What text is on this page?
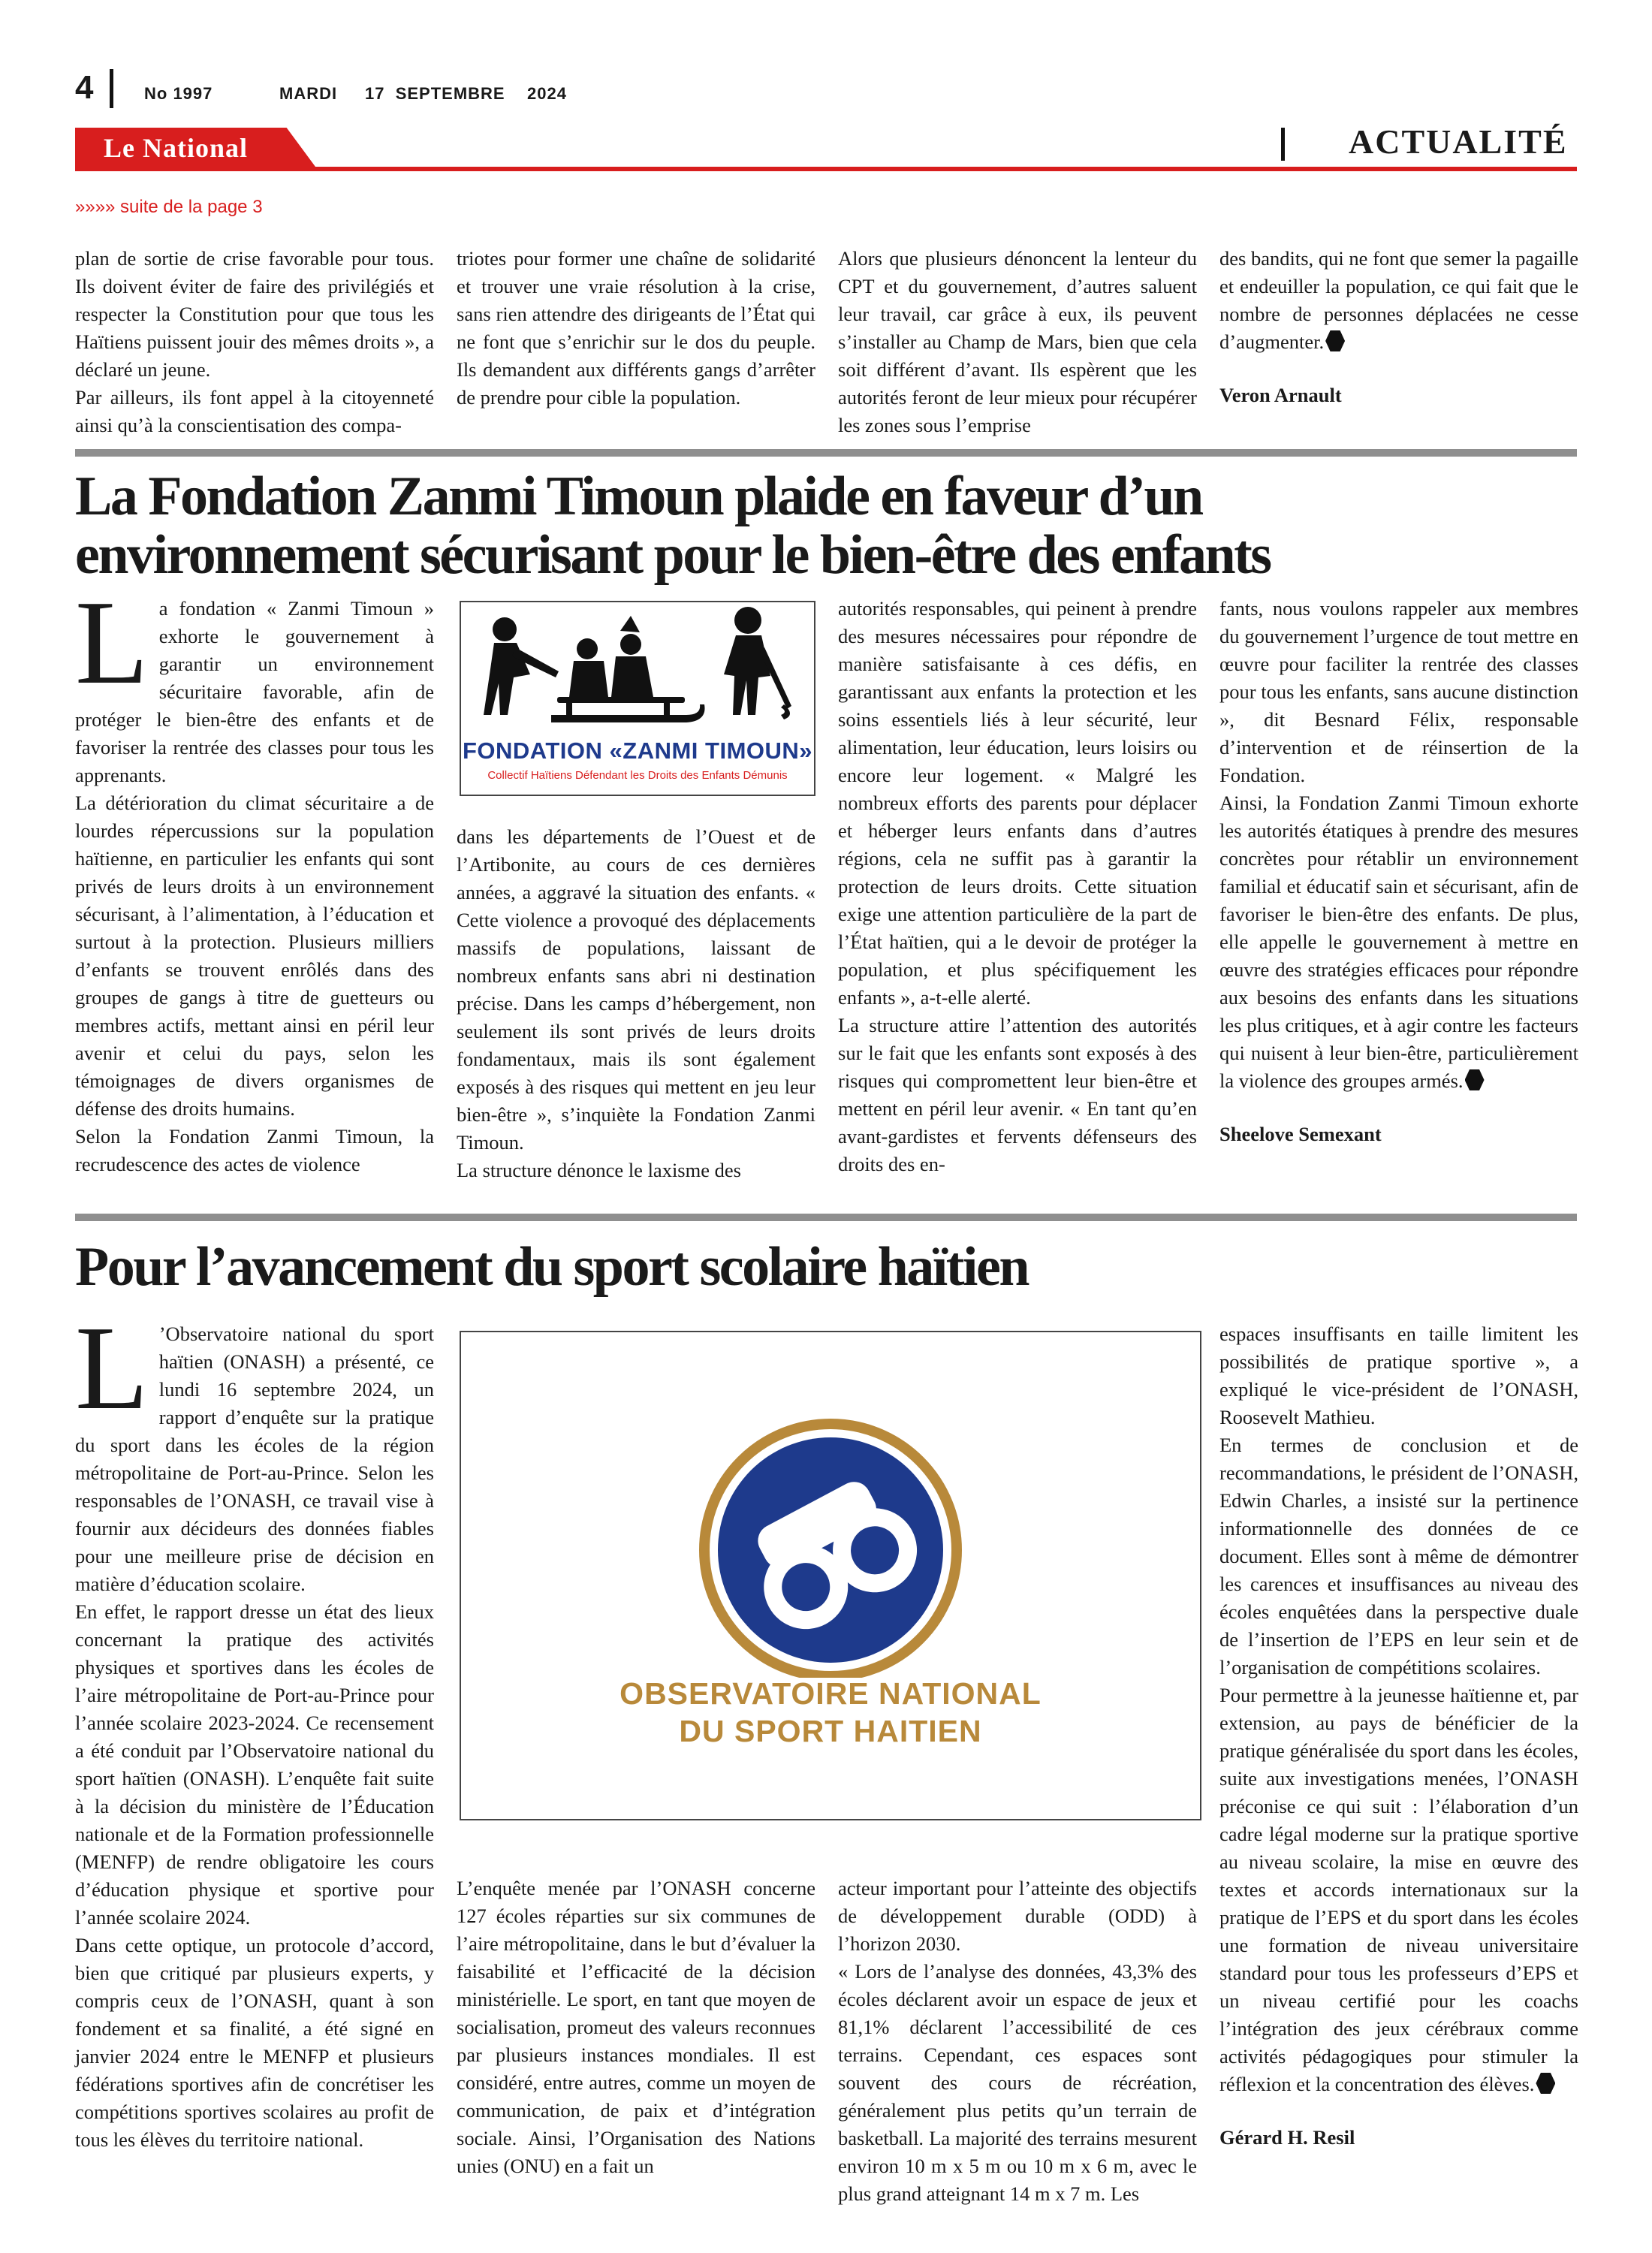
4	No 1997	MARDI 17  SEPTEMBRE 2024
Le National	ACTUALITÉ
»»»» suite de la page 3

plan de sortie de crise favorable pour tous. Ils doivent éviter de faire des privilégiés et respecter la Constitution pour que tous les Haïtiens puissent jouir des mêmes droits », a déclaré un jeune.

Par ailleurs, ils font appel à la citoyenneté ainsi qu’à la conscientisation des compa-

triotes pour former une chaîne de solidarité et trouver une vraie résolution à la crise, sans rien attendre des dirigeants de l’État qui ne font que s’enrichir sur le dos du peuple. Ils demandent aux différents gangs d’arrêter de prendre pour cible la population.

Alors que plusieurs dénoncent la lenteur du CPT et du gouvernement, d’autres saluent leur travail, car grâce à eux, ils peuvent s’installer au Champ de Mars, bien que cela soit différent d’avant. Ils espèrent que les autorités feront de leur mieux pour récupérer les zones sous l’emprise

des bandits, qui ne font que semer la pagaille et endeuiller la population, ce qui fait que le nombre de personnes déplacées ne cesse d’augmenter.

Veron Arnault

La Fondation Zanmi Timoun plaide en faveur d’un
environnement sécurisant pour le bien-être des enfants

La fondation « Zanmi Timoun » exhorte le gouvernement à garantir un environnement sécuritaire favorable, afin de protéger le bien-être des enfants et de favoriser la rentrée des classes pour tous les apprenants.

La détérioration du climat sécuritaire a de lourdes répercussions sur la population haïtienne, en particulier les enfants qui sont privés de leurs droits à un environnement sécurisant, à l’alimentation, à l’éducation et surtout à la protection. Plusieurs milliers d’enfants se trouvent enrôlés dans des groupes de gangs à titre de guetteurs ou membres actifs, mettant ainsi en péril leur avenir et celui du pays, selon les témoignages de divers organismes de défense des droits humains.

Selon la Fondation Zanmi Timoun, la recrudescence des actes de violence

FONDATION «ZANMI TIMOUN»
Collectif Haïtiens Défendant les Droits des Enfants Démunis

dans les départements de l’Ouest et de l’Artibonite, au cours de ces dernières années, a aggravé la situation des enfants. « Cette violence a provoqué des déplacements massifs de populations, laissant de nombreux enfants sans abri ni destination précise. Dans les camps d’hébergement, non seulement ils sont privés de leurs droits fondamentaux, mais ils sont également exposés à des risques qui mettent en jeu leur bien-être », s’inquiète la Fondation Zanmi Timoun.

La structure dénonce le laxisme des

autorités responsables, qui peinent à prendre des mesures nécessaires pour répondre de manière satisfaisante à ces défis, en garantissant aux enfants la protection et les soins essentiels liés à leur sécurité, leur alimentation, leur éducation, leurs loisirs ou encore leur logement. « Malgré les nombreux efforts des parents pour déplacer et héberger leurs enfants dans d’autres régions, cela ne suffit pas à garantir la protection de leurs droits. Cette situation exige une attention particulière de la part de l’État haïtien, qui a le devoir de protéger la population, et plus spécifiquement les enfants », a-t-elle alerté.

La structure attire l’attention des autorités sur le fait que les enfants sont exposés à des risques qui compromettent leur bien-être et mettent en péril leur avenir. « En tant qu’en avant-gardistes et fervents défenseurs des droits des en-

fants, nous voulons rappeler aux membres du gouvernement l’urgence de tout mettre en œuvre pour faciliter la rentrée des classes pour tous les enfants, sans aucune distinction », dit Besnard Félix, responsable d’intervention et de réinsertion de la Fondation.

Ainsi, la Fondation Zanmi Timoun exhorte les autorités étatiques à prendre des mesures concrètes pour rétablir un environnement familial et éducatif sain et sécurisant, afin de favoriser le bien-être des enfants. De plus, elle appelle le gouvernement à mettre en œuvre des stratégies efficaces pour répondre aux besoins des enfants dans les situations les plus critiques, et à agir contre les facteurs qui nuisent à leur bien-être, particulièrement la violence des groupes armés.

Sheelove Semexant

Pour l’avancement du sport scolaire haïtien

L ’Observatoire national du sport haïtien (ONASH) a présenté, ce lundi 16 septembre 2024, un rapport d’enquête sur la pratique du sport dans les écoles de la région métropolitaine de Port-au-Prince. Selon les responsables de l’ONASH, ce travail vise à fournir aux décideurs des données fiables pour une meilleure prise de décision en matière d’éducation scolaire.

En effet, le rapport dresse un état des lieux concernant la pratique des activités physiques et sportives dans les écoles de l’aire métropolitaine de Port-au-Prince pour l’année scolaire 2023-2024. Ce recensement a été conduit par l’Observatoire national du sport haïtien (ONASH). L’enquête fait suite à la décision du ministère de l’Éducation nationale et de la Formation professionnelle (MENFP) de rendre obligatoire les cours d’éducation physique et sportive pour l’année scolaire 2024.

Dans cette optique, un protocole d’accord, bien que critiqué par plusieurs experts, y compris ceux de l’ONASH, quant à son fondement et sa finalité, a été signé en janvier 2024 entre le MENFP et plusieurs fédérations sportives afin de concrétiser les compétitions sportives scolaires au profit de tous les élèves du territoire national.

OBSERVATOIRE NATIONAL
DU SPORT HAITIEN

L’enquête menée par l’ONASH concerne 127 écoles réparties sur six communes de l’aire métropolitaine, dans le but d’évaluer la faisabilité et l’efficacité de la décision ministérielle. Le sport, en tant que moyen de socialisation, promeut des valeurs reconnues par plusieurs instances mondiales. Il est considéré, entre autres, comme un moyen de communication, de paix et d’intégration sociale. Ainsi, l’Organisation des Nations unies (ONU) en a fait un

acteur important pour l’atteinte des objectifs de développement durable (ODD) à l’horizon 2030.

« Lors de l’analyse des données, 43,3% des écoles déclarent avoir un espace de jeux et 81,1% déclarent l’accessibilité de ces terrains. Cependant, ces espaces sont souvent des cours de récréation, généralement plus petits qu’un terrain de basketball. La majorité des terrains mesurent environ 10 m x 5 m ou 10 m x 6 m, avec le plus grand atteignant 14 m x 7 m. Les

espaces insuffisants en taille limitent les possibilités de pratique sportive », a expliqué le vice-président de l’ONASH, Roosevelt Mathieu.

En termes de conclusion et de recommandations, le président de l’ONASH, Edwin Charles, a insisté sur la pertinence informationnelle des données de ce document. Elles sont à même de démontrer les carences et insuffisances au niveau des écoles enquêtées dans la perspective duale de l’insertion de l’EPS en leur sein et de l’organisation de compétitions scolaires.

Pour permettre à la jeunesse haïtienne et, par extension, au pays de bénéficier de la pratique généralisée du sport dans les écoles, suite aux investigations menées, l’ONASH préconise ce qui suit : l’élaboration d’un cadre légal moderne sur la pratique sportive au niveau scolaire, la mise en œuvre des textes et accords internationaux sur la pratique de l’EPS et du sport dans les écoles une formation de niveau universitaire standard pour tous les professeurs d’EPS et un niveau certifié pour les coachs l’intégration des jeux cérébraux comme activités pédagogiques pour stimuler la réflexion et la concentration des élèves.

Gérard H. Resil
